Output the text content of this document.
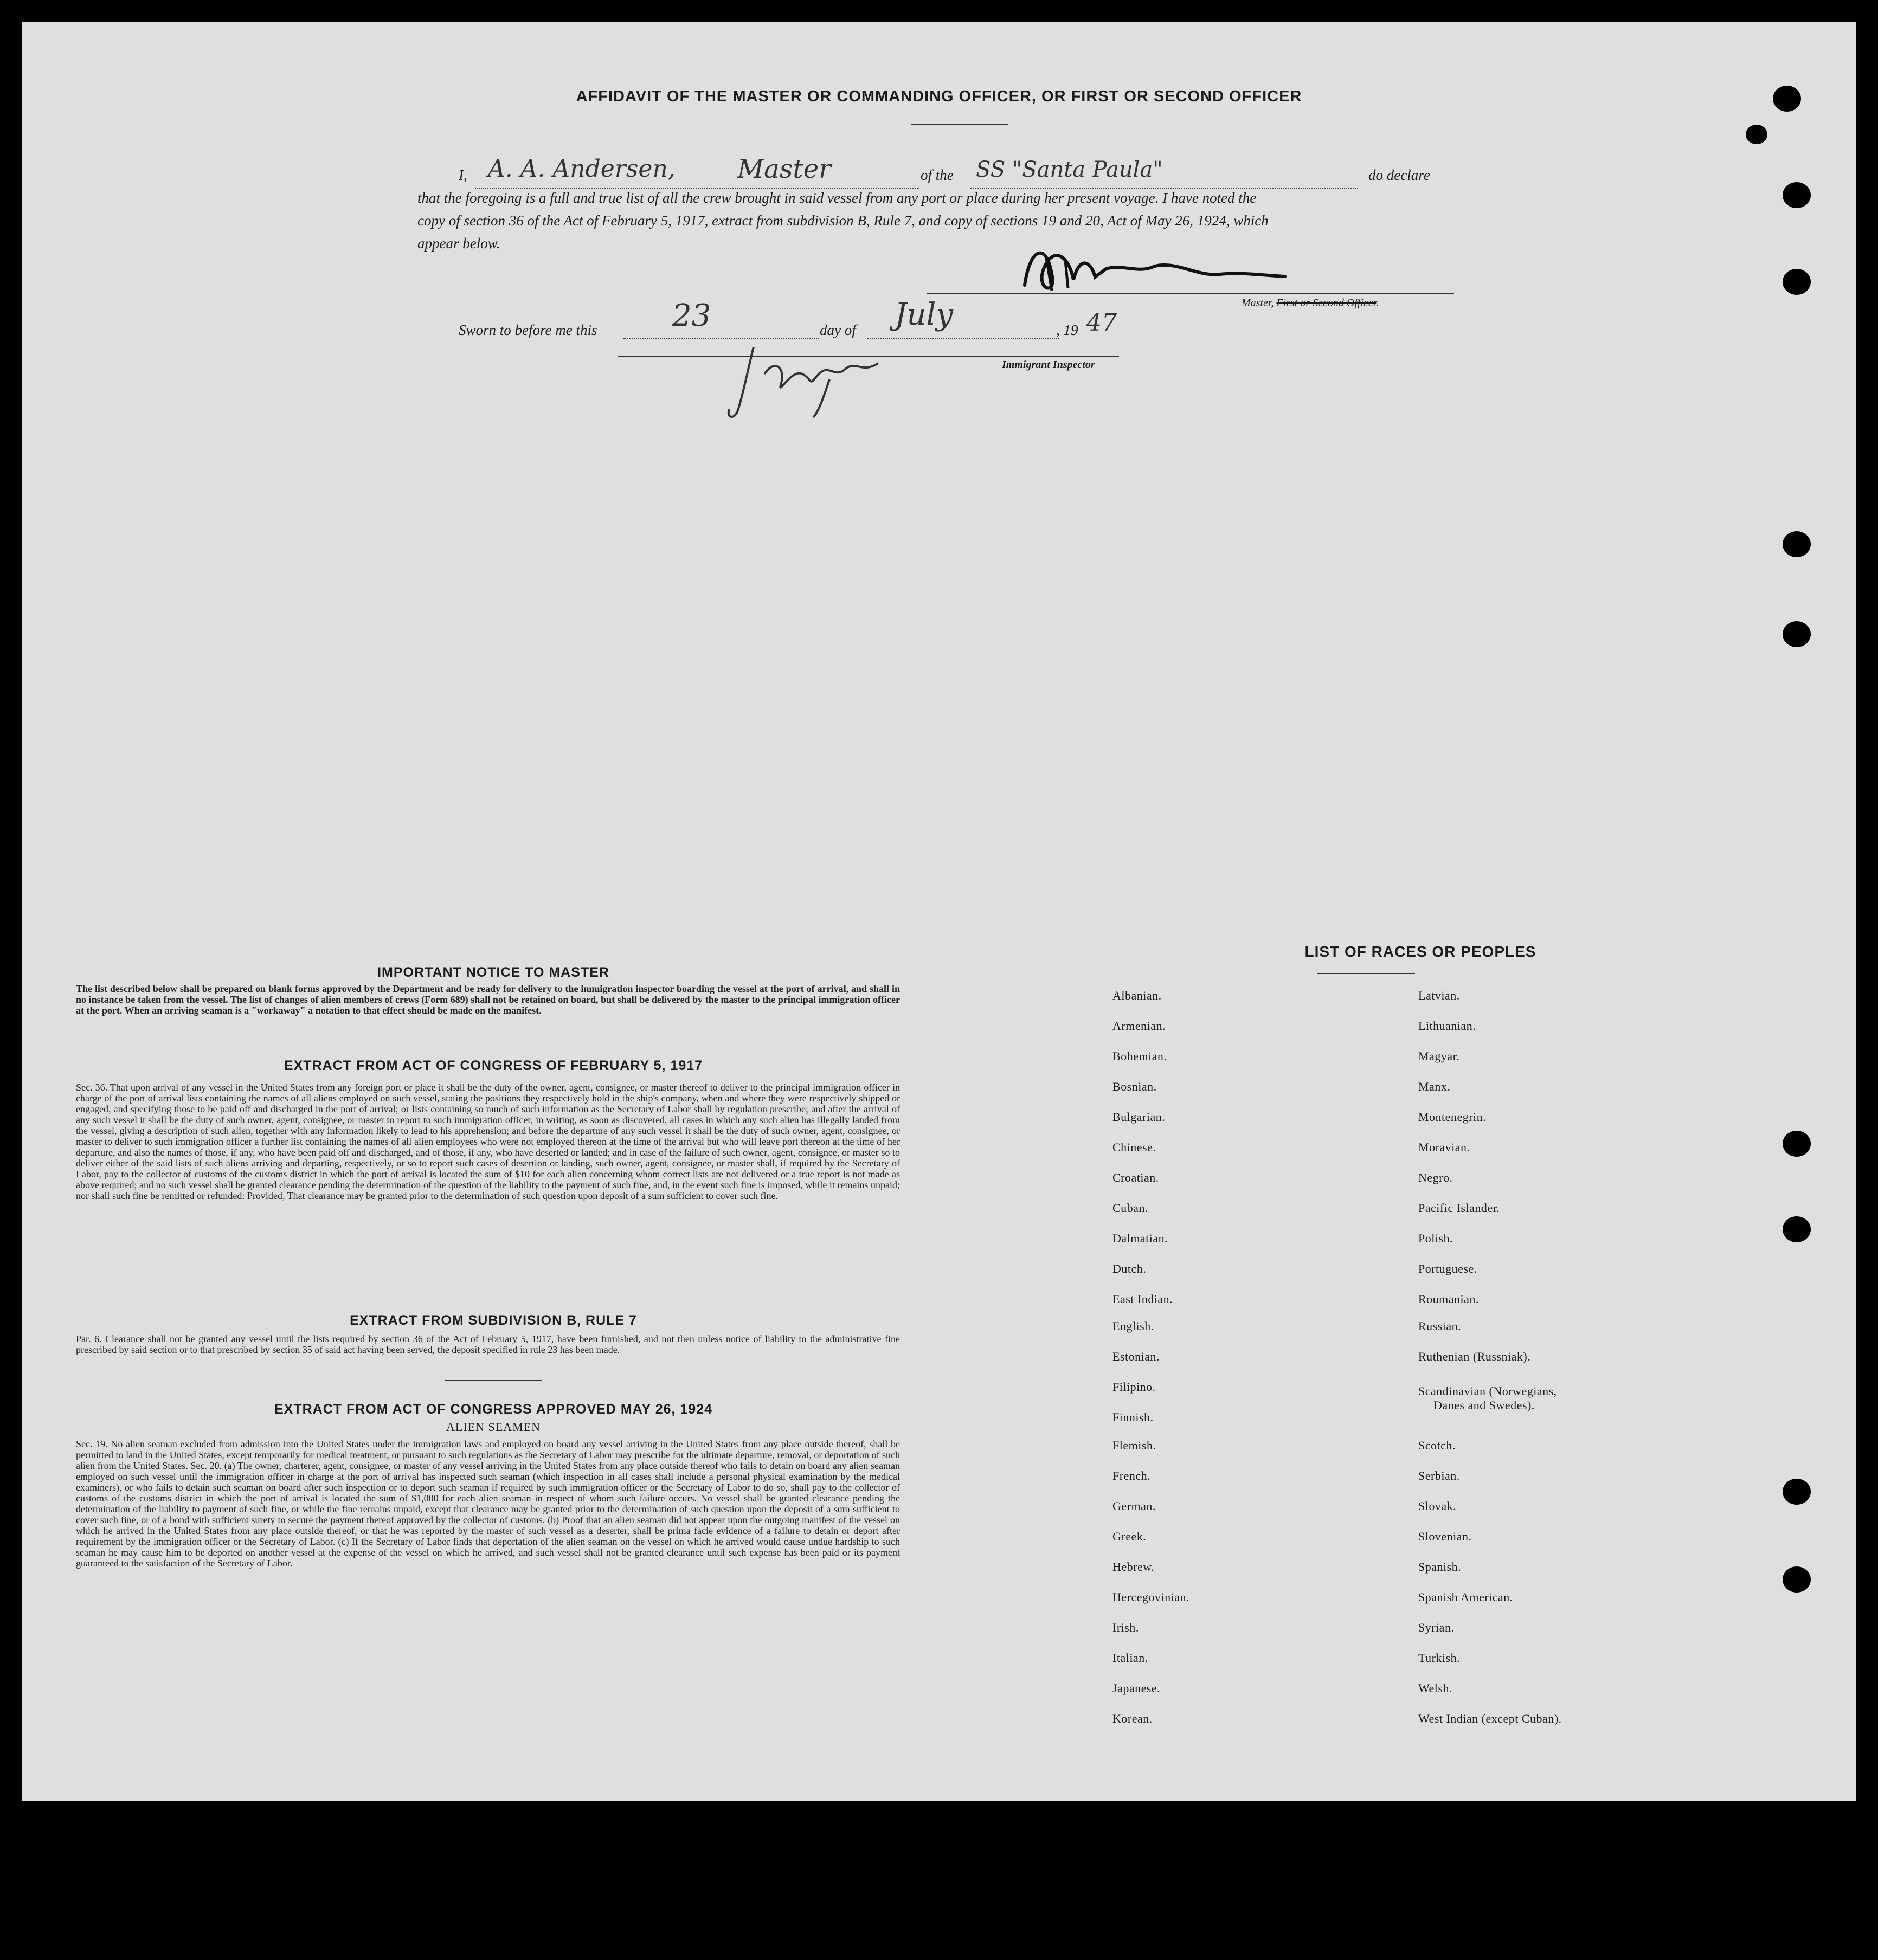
AFFIDAVIT OF THE MASTER OR COMMANDING OFFICER, OR FIRST OR SECOND OFFICER
I, A. A. Andersen, Master	of the SS "Santa Paula"	do declare
that the foregoing is a full and true list of all the crew brought in said vessel from any port or place during her present voyage. I have noted the
copy of section 36 of the Act of February 5, 1917, extract from subdivision B, Rule 7, and copy of sections 19 and 20, Act of May 26, 1924, which
appear below.
Master, First or Second Officer.
Sworn to before me this 23	day of July	, 19 47
Immigrant Inspector
IMPORTANT NOTICE TO MASTER
The list described below shall be prepared on blank forms approved by the Department and be ready for delivery to the immigration inspector boarding the vessel at the port of arrival, and shall in no instance be taken from the vessel. The list of changes of alien members of crews (Form 689) shall not be retained on board, but shall be delivered by the master to the principal immigration officer at the port. When an arriving seaman is a "workaway" a notation to that effect should be made on the manifest.
EXTRACT FROM ACT OF CONGRESS OF FEBRUARY 5, 1917
Sec. 36. That upon arrival of any vessel in the United States from any foreign port or place it shall be the duty of the owner, agent, consignee, or master thereof to deliver to the principal immigration officer in charge of the port of arrival lists containing the names of all aliens employed on such vessel, stating the positions they respectively hold in the ship's company, when and where they were respectively shipped or engaged, and specifying those to be paid off and discharged in the port of arrival; or lists containing so much of such information as the Secretary of Labor shall by regulation prescribe; and after the arrival of any such vessel it shall be the duty of such owner, agent, consignee, or master to report to such immigration officer, in writing, as soon as discovered, all cases in which any such alien has illegally landed from the vessel, giving a description of such alien, together with any information likely to lead to his apprehension; and before the departure of any such vessel it shall be the duty of such owner, agent, consignee, or master to deliver to such immigration officer a further list containing the names of all alien employees who were not employed thereon at the time of the arrival but who will leave port thereon at the time of her departure, and also the names of those, if any, who have been paid off and discharged, and of those, if any, who have deserted or landed; and in case of the failure of such owner, agent, consignee, or master so to deliver either of the said lists of such aliens arriving and departing, respectively, or so to report such cases of desertion or landing, such owner, agent, consignee, or master shall, if required by the Secretary of Labor, pay to the collector of customs of the customs district in which the port of arrival is located the sum of $10 for each alien concerning whom correct lists are not delivered or a true report is not made as above required; and no such vessel shall be granted clearance pending the determination of the question of the liability to the payment of such fine, and, in the event such fine is imposed, while it remains unpaid; nor shall such fine be remitted or refunded: Provided, That clearance may be granted prior to the determination of such question upon deposit of a sum sufficient to cover such fine.
EXTRACT FROM SUBDIVISION B, RULE 7
Par. 6. Clearance shall not be granted any vessel until the lists required by section 36 of the Act of February 5, 1917, have been furnished, and not then unless notice of liability to the administrative fine prescribed by said section or to that prescribed by section 35 of said act having been served, the deposit specified in rule 23 has been made.
EXTRACT FROM ACT OF CONGRESS APPROVED MAY 26, 1924
ALIEN SEAMEN
Sec. 19. No alien seaman excluded from admission into the United States under the immigration laws and employed on board any vessel arriving in the United States from any place outside thereof, shall be permitted to land in the United States, except temporarily for medical treatment, or pursuant to such regulations as the Secretary of Labor may prescribe for the ultimate departure, removal, or deportation of such alien from the United States. Sec. 20. (a) The owner, charterer, agent, consignee, or master of any vessel arriving in the United States from any place outside thereof who fails to detain on board any alien seaman employed on such vessel until the immigration officer in charge at the port of arrival has inspected such seaman (which inspection in all cases shall include a personal physical examination by the medical examiners), or who fails to detain such seaman on board after such inspection or to deport such seaman if required by such immigration officer or the Secretary of Labor to do so, shall pay to the collector of customs of the customs district in which the port of arrival is located the sum of $1,000 for each alien seaman in respect of whom such failure occurs. No vessel shall be granted clearance pending the determination of the liability to payment of such fine, or while the fine remains unpaid, except that clearance may be granted prior to the determination of such question upon the deposit of a sum sufficient to cover such fine, or of a bond with sufficient surety to secure the payment thereof approved by the collector of customs. (b) Proof that an alien seaman did not appear upon the outgoing manifest of the vessel on which he arrived in the United States from any place outside thereof, or that he was reported by the master of such vessel as a deserter, shall be prima facie evidence of a failure to detain or deport after requirement by the immigration officer or the Secretary of Labor. (c) If the Secretary of Labor finds that deportation of the alien seaman on the vessel on which he arrived would cause undue hardship to such seaman he may cause him to be deported on another vessel at the expense of the vessel on which he arrived, and such vessel shall not be granted clearance until such expense has been paid or its payment guaranteed to the satisfaction of the Secretary of Labor.
LIST OF RACES OR PEOPLES
Albanian.
Armenian.
Bohemian.
Bosnian.
Bulgarian.
Chinese.
Croatian.
Cuban.
Dalmatian.
Dutch.
East Indian.
English.
Estonian.
Filipino.
Finnish.
Flemish.
French.
German.
Greek.
Hebrew.
Hercegovinian.
Irish.
Italian.
Japanese.
Korean.
Latvian.
Lithuanian.
Magyar.
Manx.
Montenegrin.
Moravian.
Negro.
Pacific Islander.
Polish.
Portuguese.
Roumanian.
Russian.
Ruthenian (Russniak).
Scandinavian (Norwegians,
Danes and Swedes).
Scotch.
Serbian.
Slovak.
Slovenian.
Spanish.
Spanish American.
Syrian.
Turkish.
Welsh.
West Indian (except Cuban).
